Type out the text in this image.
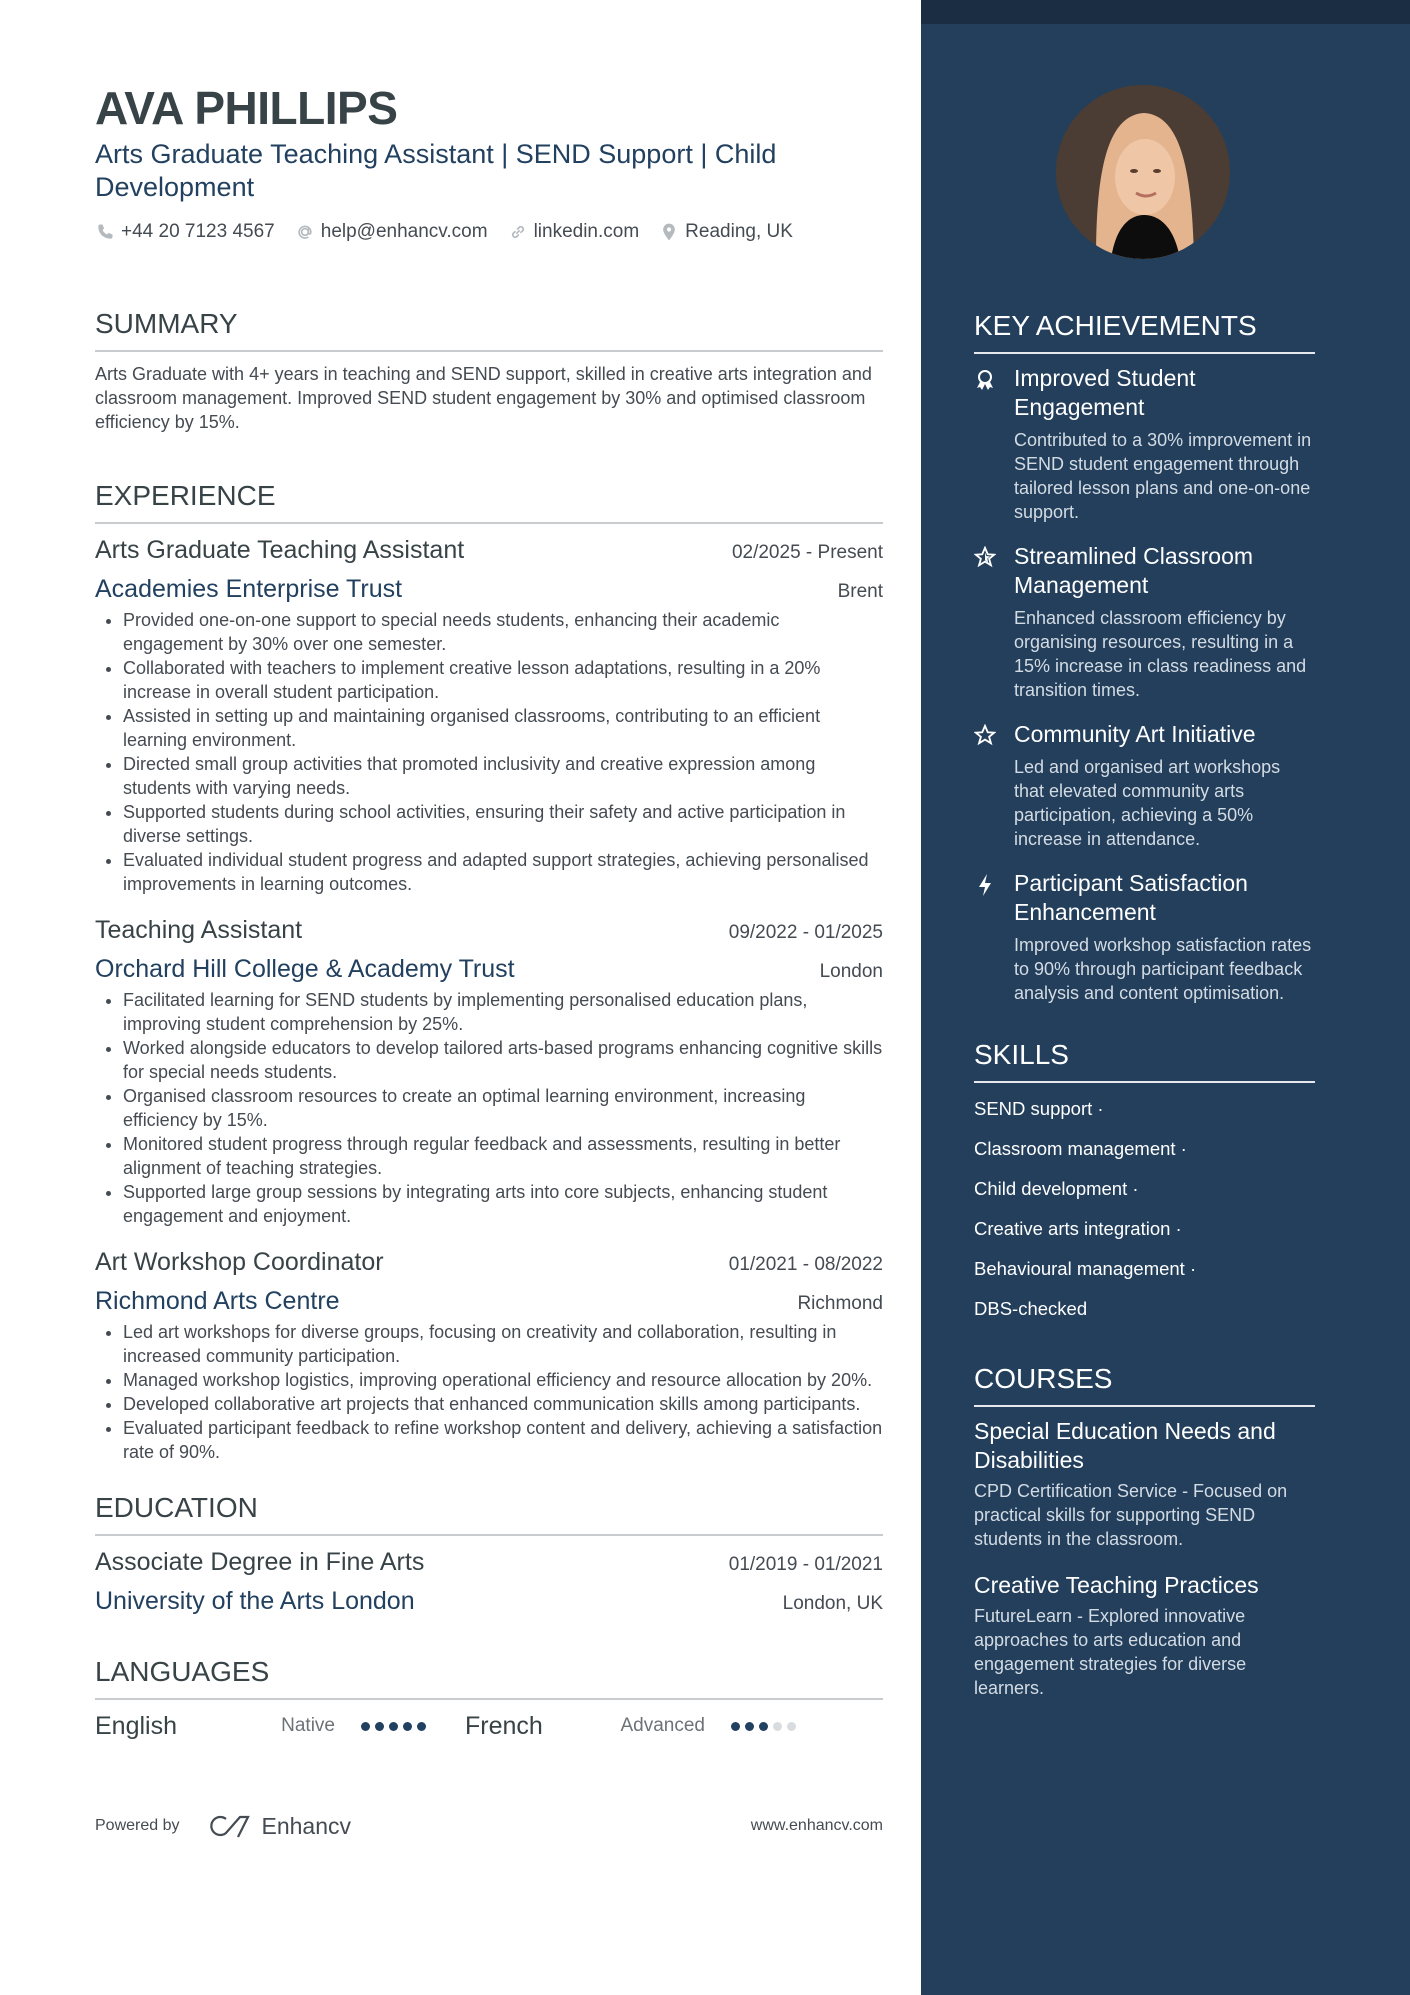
AVA PHILLIPS
Arts Graduate Teaching Assistant | SEND Support | Child Development
+44 20 7123 4567 help@enhancv.com linkedin.com Reading, UK
SUMMARY
Arts Graduate with 4+ years in teaching and SEND support, skilled in creative arts integration and classroom management. Improved SEND student engagement by 30% and optimised classroom efficiency by 15%.
EXPERIENCE
Arts Graduate Teaching Assistant	02/2025 - Present
Academies Enterprise Trust	Brent
• Provided one-on-one support to special needs students, enhancing their academic engagement by 30% over one semester.
• Collaborated with teachers to implement creative lesson adaptations, resulting in a 20% increase in overall student participation.
• Assisted in setting up and maintaining organised classrooms, contributing to an efficient learning environment.
• Directed small group activities that promoted inclusivity and creative expression among students with varying needs.
• Supported students during school activities, ensuring their safety and active participation in diverse settings.
• Evaluated individual student progress and adapted support strategies, achieving personalised improvements in learning outcomes.
Teaching Assistant	09/2022 - 01/2025
Orchard Hill College & Academy Trust	London
• Facilitated learning for SEND students by implementing personalised education plans, improving student comprehension by 25%.
• Worked alongside educators to develop tailored arts-based programs enhancing cognitive skills for special needs students.
• Organised classroom resources to create an optimal learning environment, increasing efficiency by 15%.
• Monitored student progress through regular feedback and assessments, resulting in better alignment of teaching strategies.
• Supported large group sessions by integrating arts into core subjects, enhancing student engagement and enjoyment.
Art Workshop Coordinator	01/2021 - 08/2022
Richmond Arts Centre	Richmond
• Led art workshops for diverse groups, focusing on creativity and collaboration, resulting in increased community participation.
• Managed workshop logistics, improving operational efficiency and resource allocation by 20%.
• Developed collaborative art projects that enhanced communication skills among participants.
• Evaluated participant feedback to refine workshop content and delivery, achieving a satisfaction rate of 90%.
EDUCATION
Associate Degree in Fine Arts	01/2019 - 01/2021
University of the Arts London	London, UK
LANGUAGES
English	Native	French	Advanced
Powered by	Enhancv	www.enhancv.com
KEY ACHIEVEMENTS
Improved Student Engagement
Contributed to a 30% improvement in SEND student engagement through tailored lesson plans and one-on-one support.
Streamlined Classroom Management
Enhanced classroom efficiency by organising resources, resulting in a 15% increase in class readiness and transition times.
Community Art Initiative
Led and organised art workshops that elevated community arts participation, achieving a 50% increase in attendance.
Participant Satisfaction Enhancement
Improved workshop satisfaction rates to 90% through participant feedback analysis and content optimisation.
SKILLS
SEND support ·
Classroom management ·
Child development ·
Creative arts integration ·
Behavioural management ·
DBS-checked
COURSES
Special Education Needs and Disabilities
CPD Certification Service - Focused on practical skills for supporting SEND students in the classroom.
Creative Teaching Practices
FutureLearn - Explored innovative approaches to arts education and engagement strategies for diverse learners.
